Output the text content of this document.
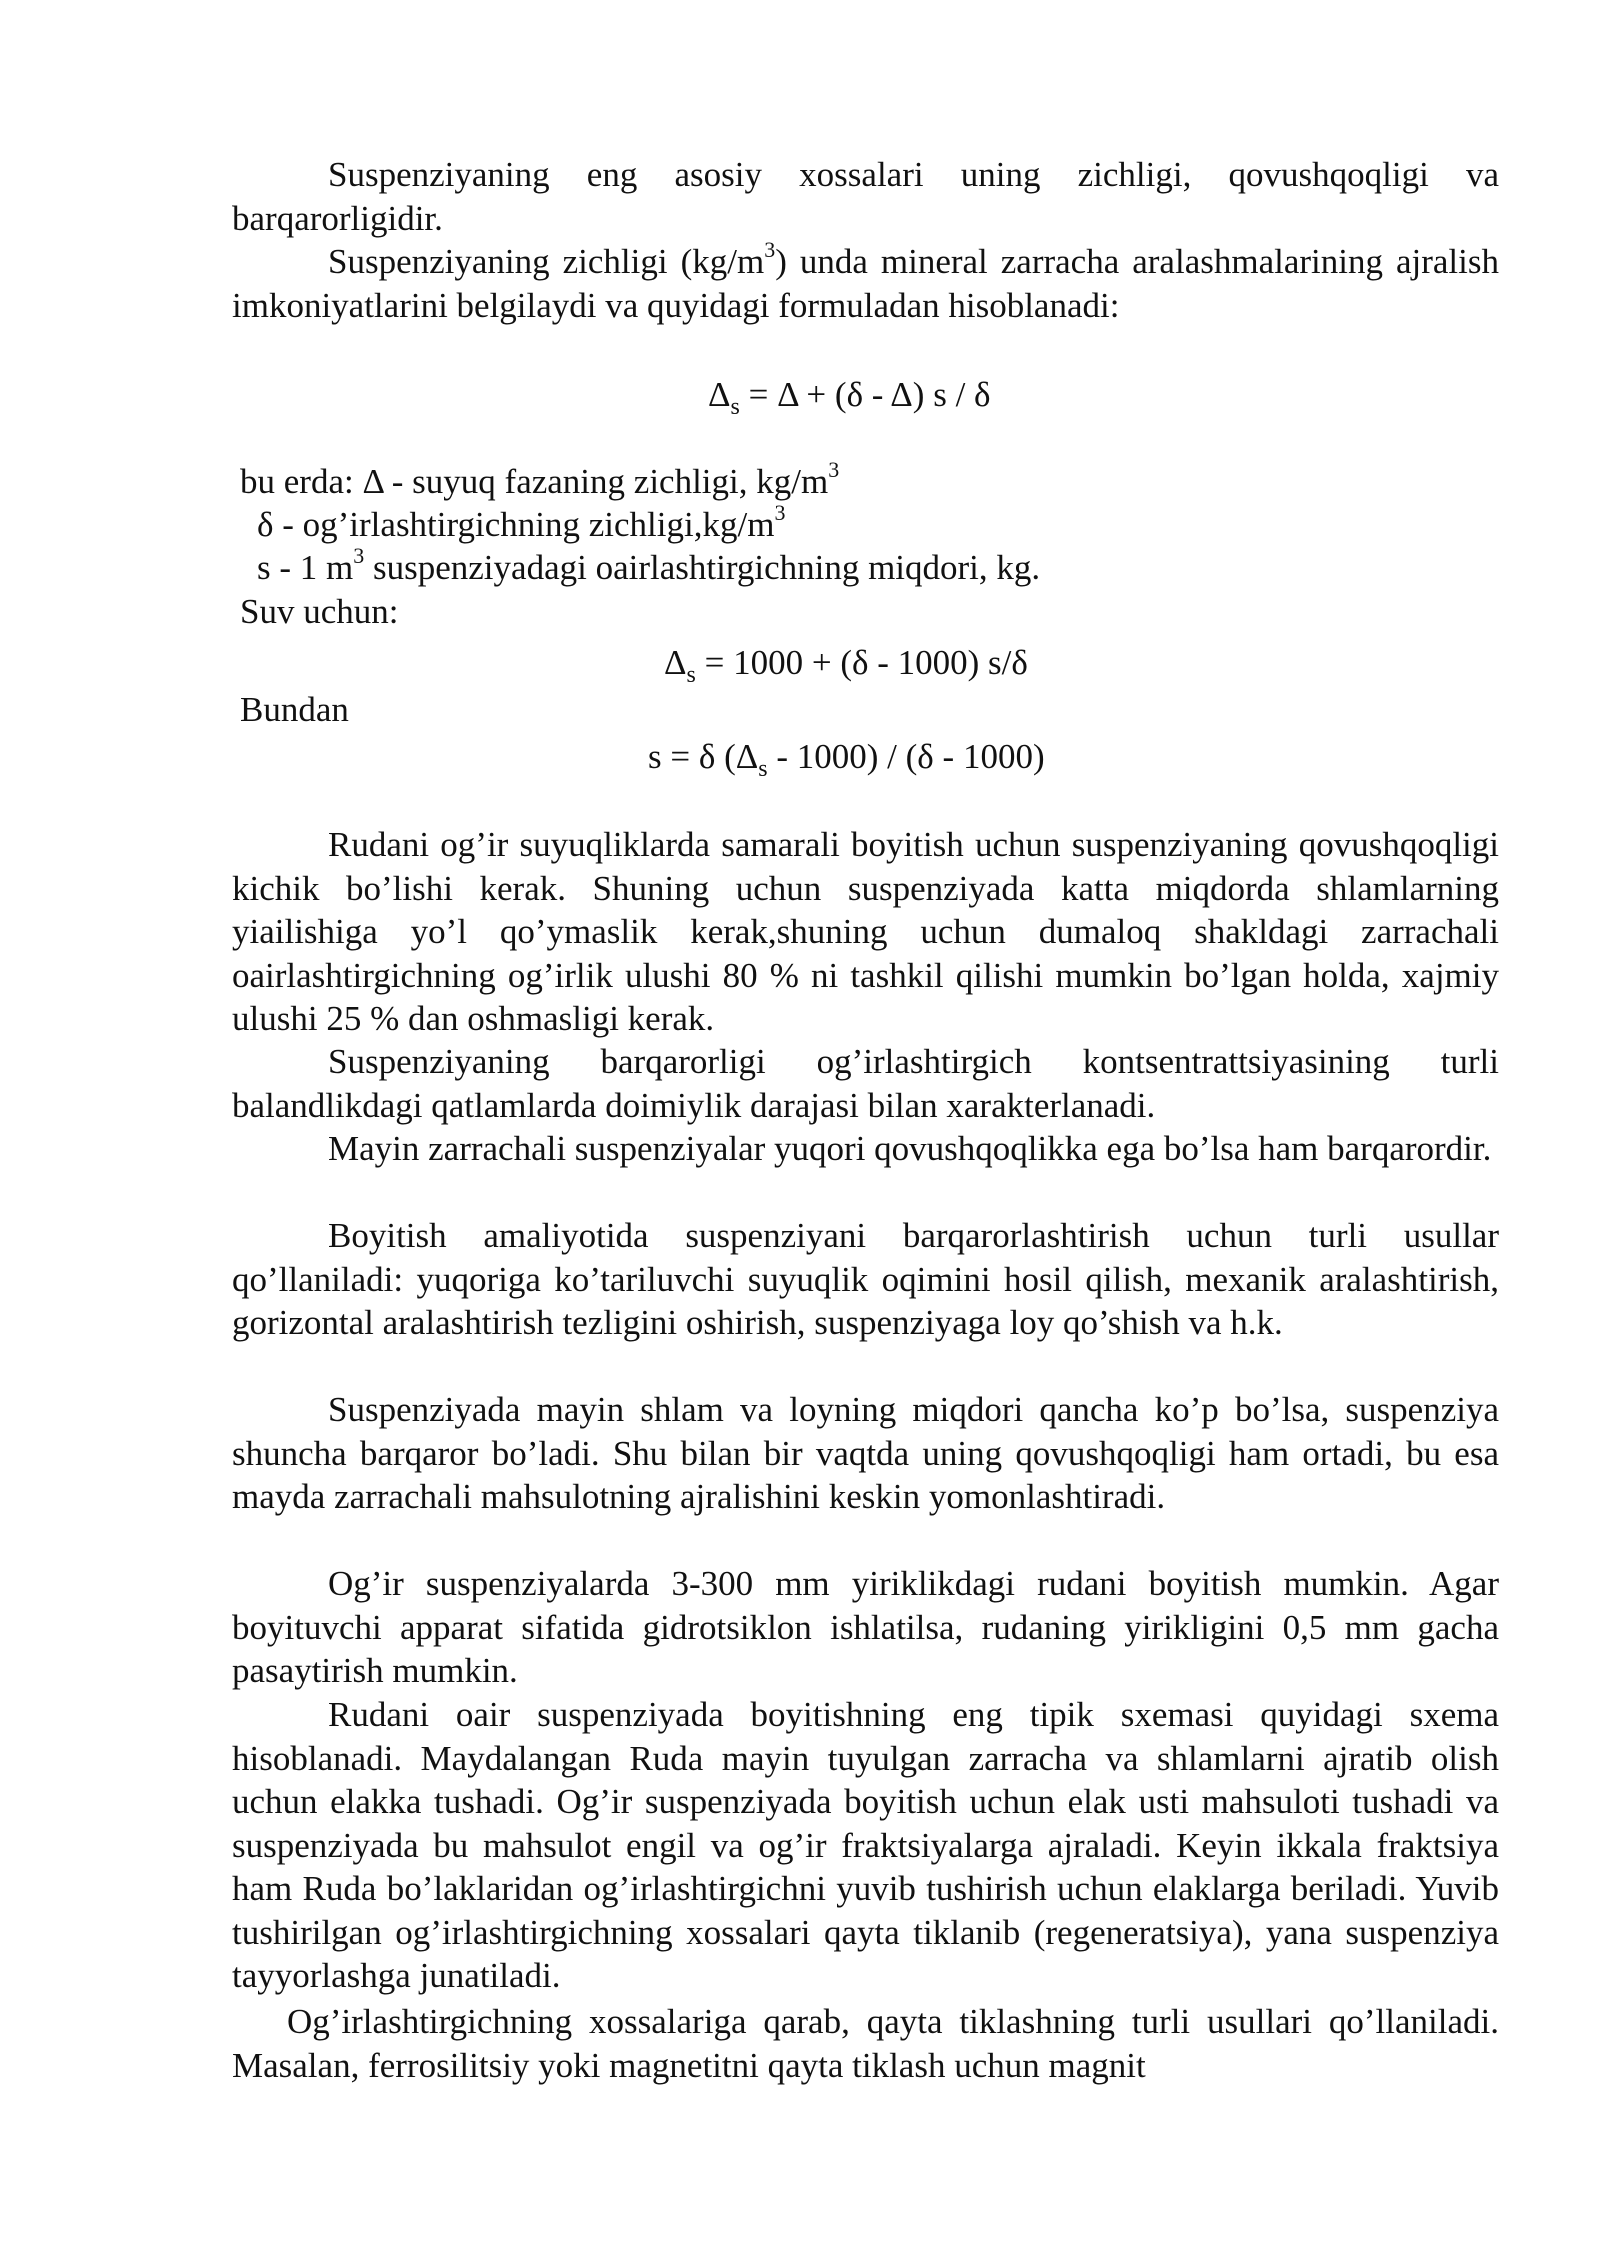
Suspenziyaning eng asosiy xossalari uning zichligi, qovushqoqligi va barqarorligidir.

Suspenziyaning zichligi $(kg/m^3)$ unda mineral zarracha aralashmalarining ajralish imkoniyatlarini belgilaydi va quyidagi formuladan hisoblanadi:

$\Delta_s = \Delta + (\delta - \Delta)$ s / δ
bu erda: Δ - suyuq fazaning zichligi, $kg/m^3$
δ - og’irlashtirgichning $zichligi,kg/m^3$
s - 1 $m^3$ suspenziyadagi oairlashtirgichning miqdori, kg.
Suv uchun:
$\Delta_s = 1000 + (\delta - 1000)$ s/δ
Bundan
s = δ $(\Delta_s - 1000) / (\delta - 1000)$

Rudani og’ir suyuqliklarda samarali boyitish uchun suspenziyaning qovushqoqligi kichik bo’lishi kerak. Shuning uchun suspenziyada katta miqdorda shlamlarning yiailishiga yo’l qo’ymaslik kerak,shuning uchun dumaloq shakldagi zarrachali oairlashtirgichning og’irlik ulushi 80 % ni tashkil qilishi mumkin bo’lgan holda, xajmiy ulushi 25 % dan oshmasligi kerak.

Suspenziyaning barqarorligi og’irlashtirgich kontsentrattsiyasining turli balandlikdagi qatlamlarda doimiylik darajasi bilan xarakterlanadi.

Mayin zarrachali suspenziyalar yuqori qovushqoqlikka ega bo’lsa ham barqarordir.

Boyitish amaliyotida suspenziyani barqarorlashtirish uchun turli usullar qo’llaniladi: yuqoriga ko’tariluvchi suyuqlik oqimini hosil qilish, mexanik aralashtirish, gorizontal aralashtirish tezligini oshirish, suspenziyaga loy qo’shish va h.k.

Suspenziyada mayin shlam va loyning miqdori qancha ko’p bo’lsa, suspenziya shuncha barqaror bo’ladi. Shu bilan bir vaqtda uning qovushqoqligi ham ortadi, bu esa mayda zarrachali mahsulotning ajralishini keskin yomonlashtiradi.

Og’ir suspenziyalarda 3-300 mm yiriklikdagi rudani boyitish mumkin. Agar boyituvchi apparat sifatida gidrotsiklon ishlatilsa, rudaning yirikligini 0,5 mm gacha pasaytirish mumkin.

Rudani oair suspenziyada boyitishning eng tipik sxemasi quyidagi sxema hisoblanadi. Maydalangan Ruda mayin tuyulgan zarracha va shlamlarni ajratib olish uchun elakka tushadi. Og’ir suspenziyada boyitish uchun elak usti mahsuloti tushadi va suspenziyada bu mahsulot engil va og’ir fraktsiyalarga ajraladi. Keyin ikkala fraktsiya ham Ruda bo’laklaridan og’irlashtirgichni yuvib tushirish uchun elaklarga beriladi. Yuvib tushirilgan og’irlashtirgichning xossalari qayta tiklanib (regeneratsiya), yana suspenziya tayyorlashga junatiladi.

Og’irlashtirgichning xossalariga qarab, qayta tiklashning turli usullari qo’llaniladi. Masalan, ferrosilitsiy yoki magnetitni qayta tiklash uchun magnit
